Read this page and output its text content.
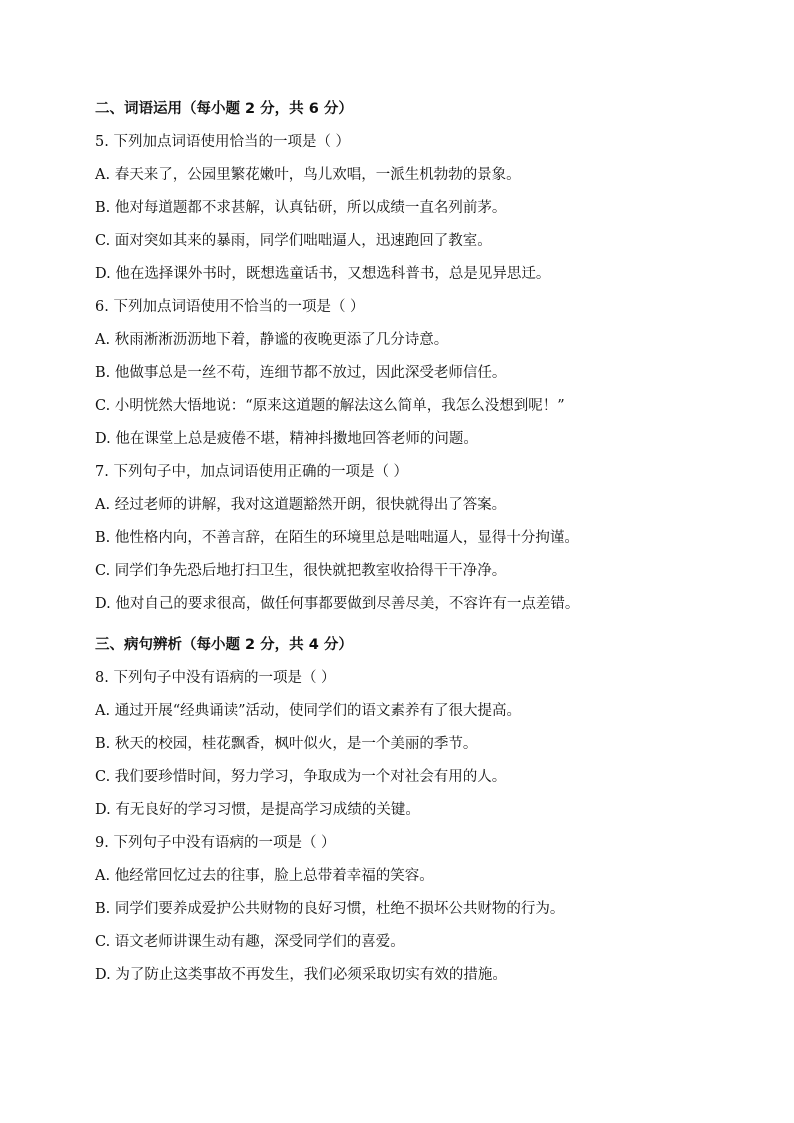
二、词语运用（每小题 2 分，共 6 分）

5. 下列加点词语使用恰当的一项是（ ）

A. 春天来了，公园里繁花嫩叶，鸟儿欢唱，一派生机勃勃的景象。

B. 他对每道题都不求甚解，认真钻研，所以成绩一直名列前茅。

C. 面对突如其来的暴雨，同学们咄咄逼人，迅速跑回了教室。

D. 他在选择课外书时，既想选童话书，又想选科普书，总是见异思迁。

6. 下列加点词语使用不恰当的一项是（ ）

A. 秋雨淅淅沥沥地下着，静谧的夜晚更添了几分诗意。

B. 他做事总是一丝不苟，连细节都不放过，因此深受老师信任。

C. 小明恍然大悟地说：“原来这道题的解法这么简单，我怎么没想到呢！”

D. 他在课堂上总是疲倦不堪，精神抖擞地回答老师的问题。

7. 下列句子中，加点词语使用正确的一项是（ ）

A. 经过老师的讲解，我对这道题豁然开朗，很快就得出了答案。

B. 他性格内向，不善言辞，在陌生的环境里总是咄咄逼人，显得十分拘谨。

C. 同学们争先恐后地打扫卫生，很快就把教室收拾得干干净净。

D. 他对自己的要求很高，做任何事都要做到尽善尽美，不容许有一点差错。

三、病句辨析（每小题 2 分，共 4 分）

8. 下列句子中没有语病的一项是（ ）

A. 通过开展“经典诵读”活动，使同学们的语文素养有了很大提高。

B. 秋天的校园，桂花飘香，枫叶似火，是一个美丽的季节。

C. 我们要珍惜时间，努力学习，争取成为一个对社会有用的人。

D. 有无良好的学习习惯，是提高学习成绩的关键。

9. 下列句子中没有语病的一项是（ ）

A. 他经常回忆过去的往事，脸上总带着幸福的笑容。

B. 同学们要养成爱护公共财物的良好习惯，杜绝不损坏公共财物的行为。

C. 语文老师讲课生动有趣，深受同学们的喜爱。

D. 为了防止这类事故不再发生，我们必须采取切实有效的措施。
